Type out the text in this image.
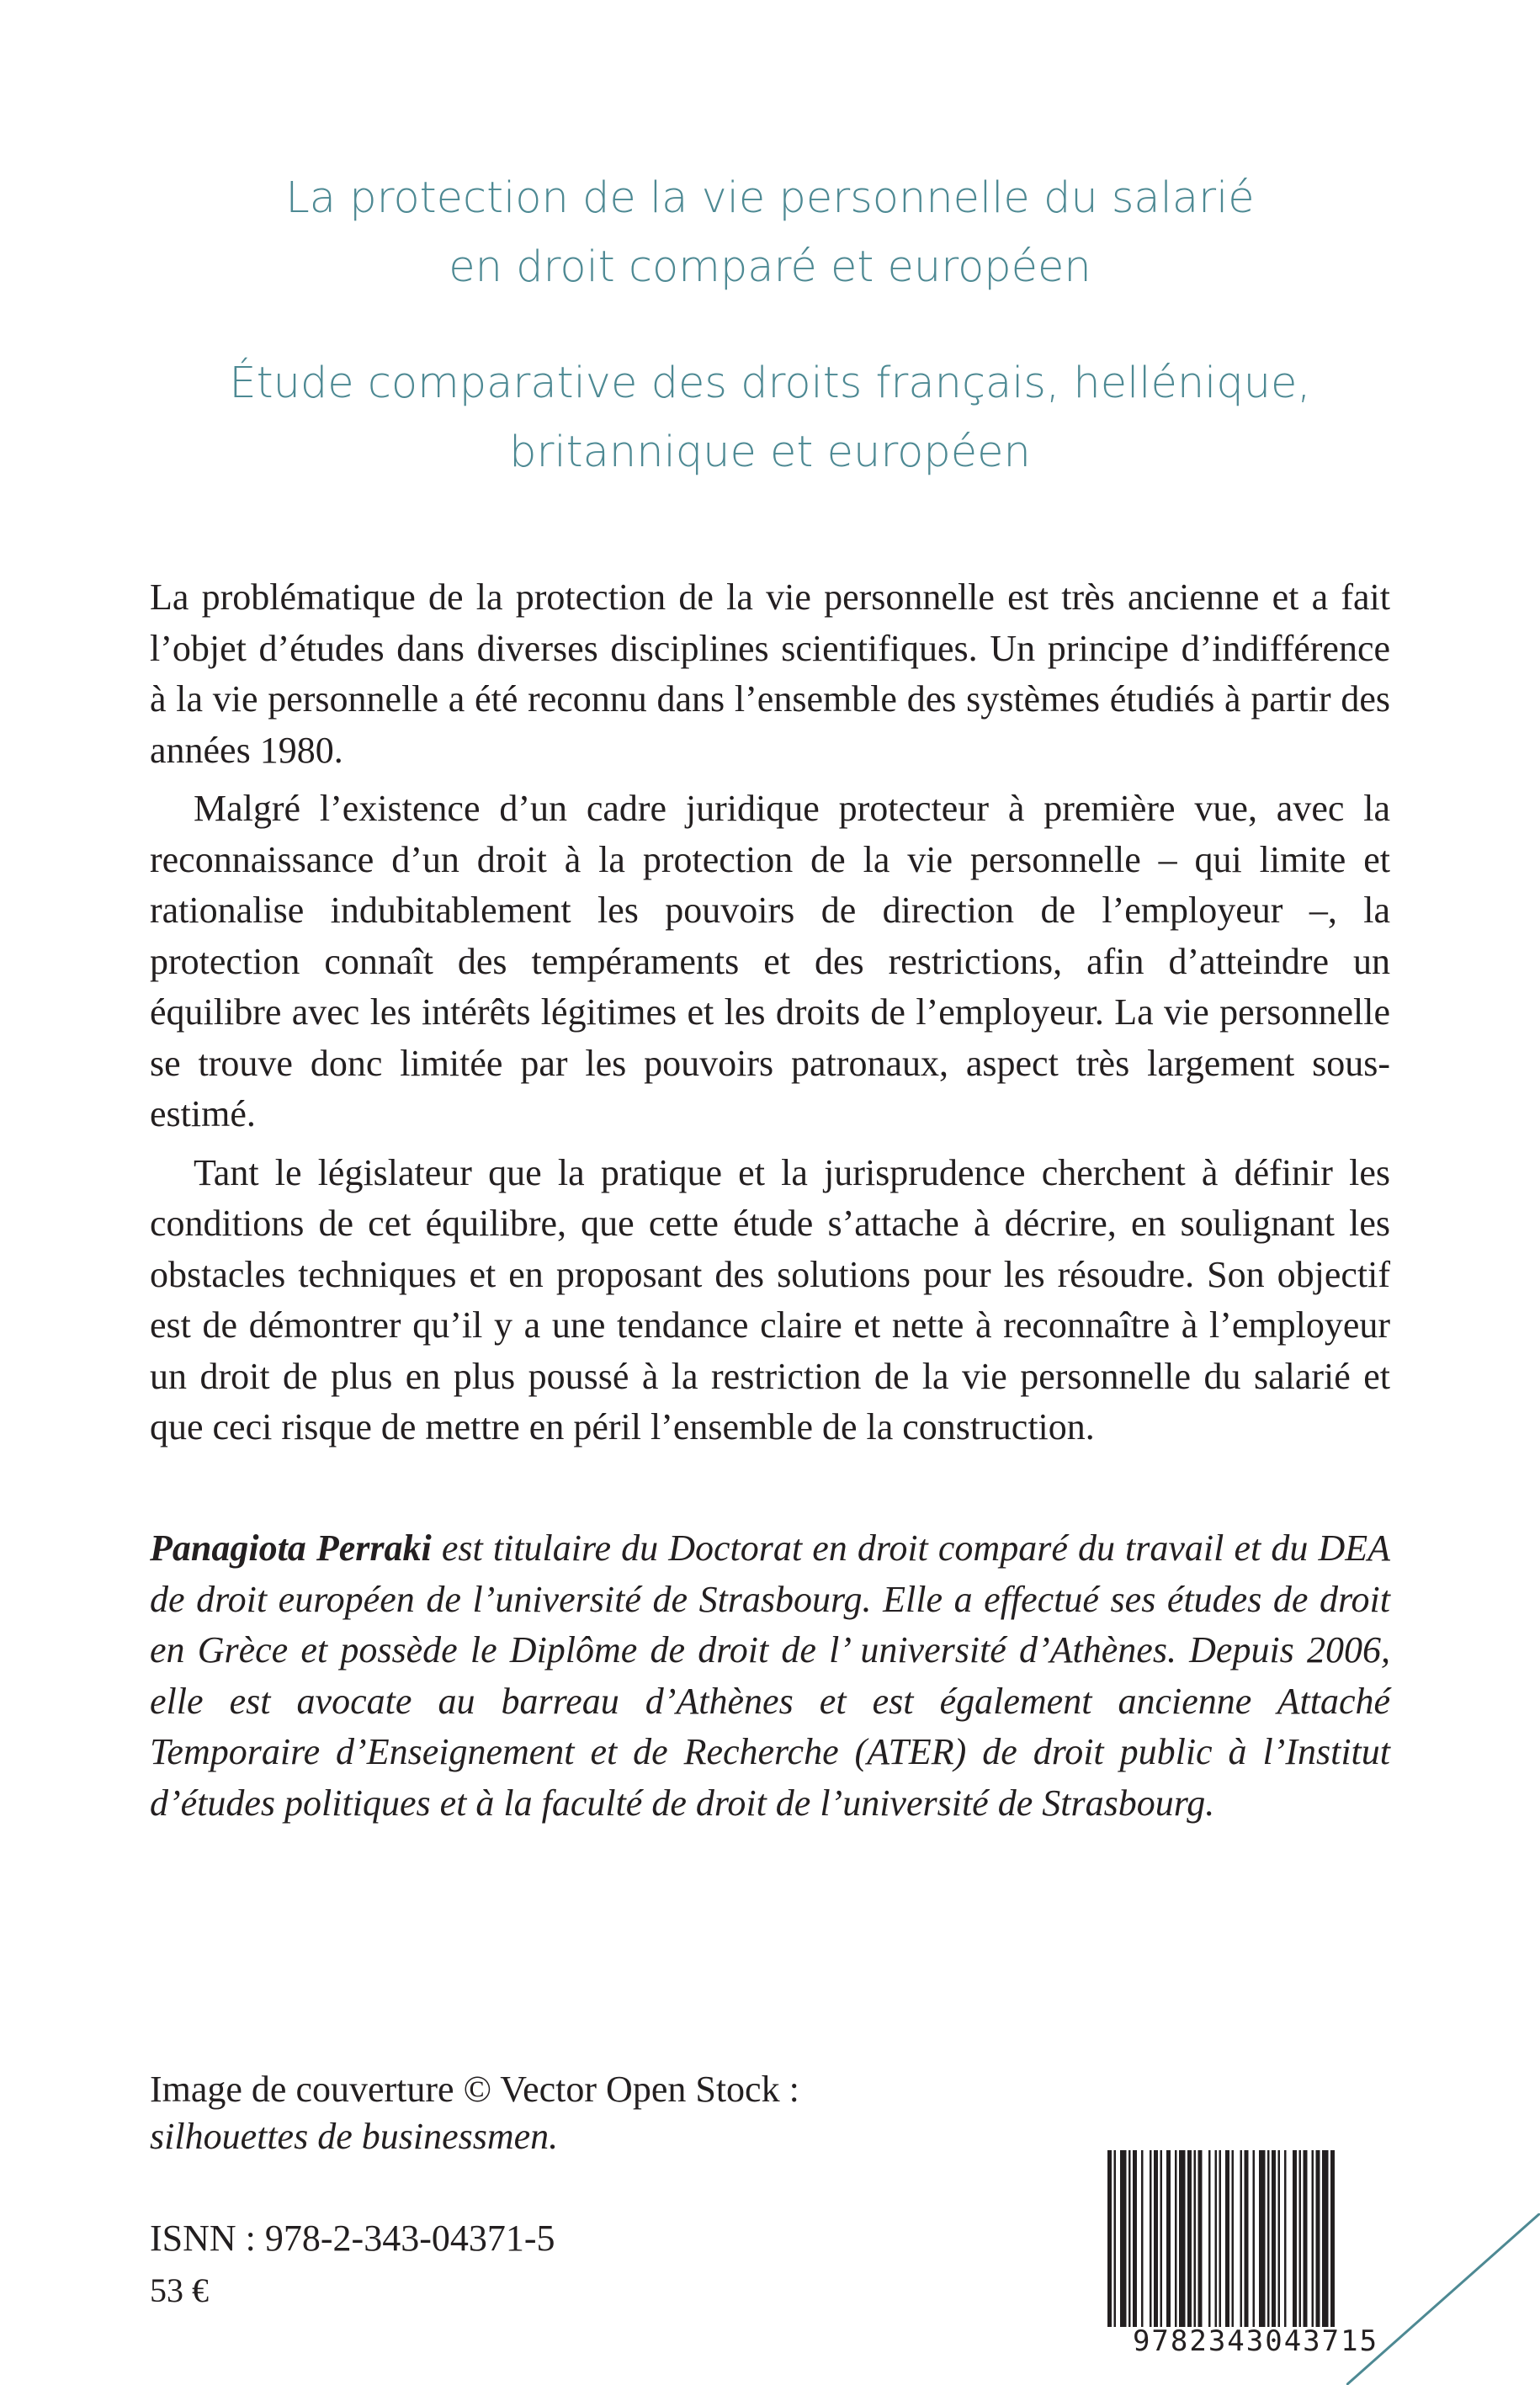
La protection de la vie personnelle du salarié
en droit comparé et européen
Étude comparative des droits français, hellénique,
britannique et européen

La problématique de la protection de la vie personnelle est très ancienne et a fait l’objet d’études dans diverses disciplines scientifiques. Un principe d’indifférence à la vie personnelle a été reconnu dans l’ensemble des systèmes étudiés à partir des années 1980.

Malgré l’existence d’un cadre juridique protecteur à première vue, avec la reconnaissance d’un droit à la protection de la vie personnelle – qui limite et rationalise indubitablement les pouvoirs de direction de l’employeur –, la protection connaît des tempéraments et des restrictions, afin d’atteindre un équilibre avec les intérêts légitimes et les droits de l’employeur. La vie personnelle se trouve donc limitée par les pouvoirs patronaux, aspect très largement sous-estimé.

Tant le législateur que la pratique et la jurisprudence cherchent à définir les conditions de cet équilibre, que cette étude s’attache à décrire, en soulignant les obstacles techniques et en proposant des solutions pour les résoudre. Son objectif est de démontrer qu’il y a une tendance claire et nette à reconnaître à l’employeur un droit de plus en plus poussé à la restriction de la vie personnelle du salarié et que ceci risque de mettre en péril l’ensemble de la construction.

Panagiota Perraki est titulaire du Doctorat en droit comparé du travail et du DEA de droit européen de l’université de Strasbourg. Elle a effectué ses études de droit en Grèce et possède le Diplôme de droit de l’ université d’Athènes. Depuis 2006, elle est avocate au barreau d’Athènes et est également ancienne Attaché Temporaire d’Enseignement et de Recherche (ATER) de droit public à l’Institut d’études politiques et à la faculté de droit de l’université de Strasbourg.

Image de couverture © Vector Open Stock :
silhouettes de businessmen.
ISNN : 978-2-343-04371-5
53 €
9782343043715
